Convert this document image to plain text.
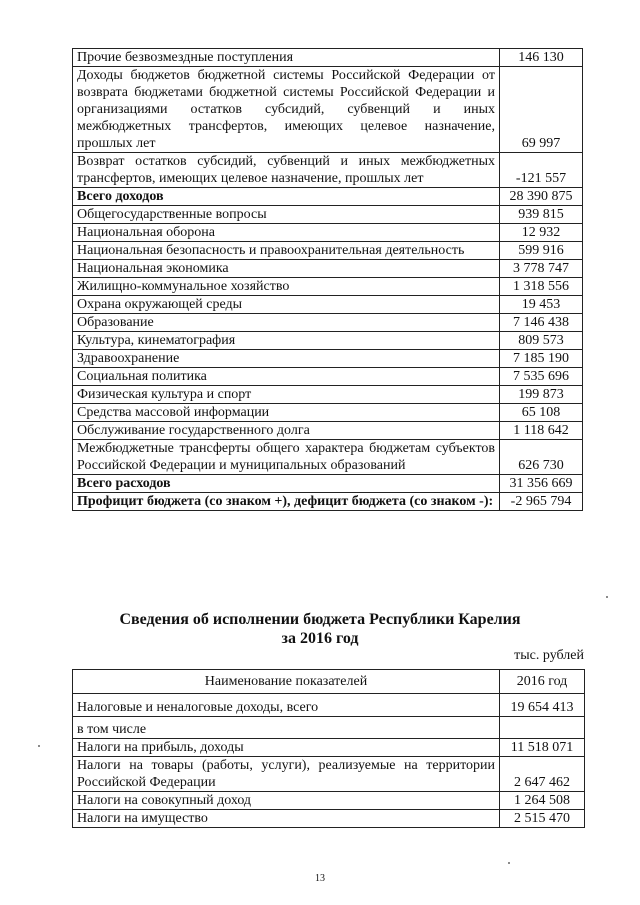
Прочие безвозмездные поступления	146 130
Доходы бюджетов бюджетной системы Российской Федерации от возврата бюджетами бюджетной системы Российской Федерации и организациями остатков субсидий, субвенций и иных межбюджетных трансфертов, имеющих целевое назначение, прошлых лет	69 997
Возврат остатков субсидий, субвенций и иных межбюджетных трансфертов, имеющих целевое назначение, прошлых лет	-121 557
Всего доходов	28 390 875
Общегосударственные вопросы	939 815
Национальная оборона	12 932
Национальная безопасность и правоохранительная деятельность	599 916
Национальная экономика	3 778 747
Жилищно-коммунальное хозяйство	1 318 556
Охрана окружающей среды	19 453
Образование	7 146 438
Культура, кинематография	809 573
Здравоохранение	7 185 190
Социальная политика	7 535 696
Физическая культура и спорт	199 873
Средства массовой информации	65 108
Обслуживание государственного долга	1 118 642
Межбюджетные трансферты общего характера бюджетам субъектов Российской Федерации и муниципальных образований	626 730
Всего расходов	31 356 669
Профицит бюджета (со знаком +), дефицит бюджета (со знаком -):	-2 965 794
Сведения об исполнении бюджета Республики Карелия
за 2016 год
тыс. рублей
Наименование показателей	2016 год
Налоговые и неналоговые доходы, всего	19 654 413
в том числе	
Налоги на прибыль, доходы	11 518 071
Налоги на товары (работы, услуги), реализуемые на территории Российской Федерации	2 647 462
Налоги на совокупный доход	1 264 508
Налоги на имущество	2 515 470
13
